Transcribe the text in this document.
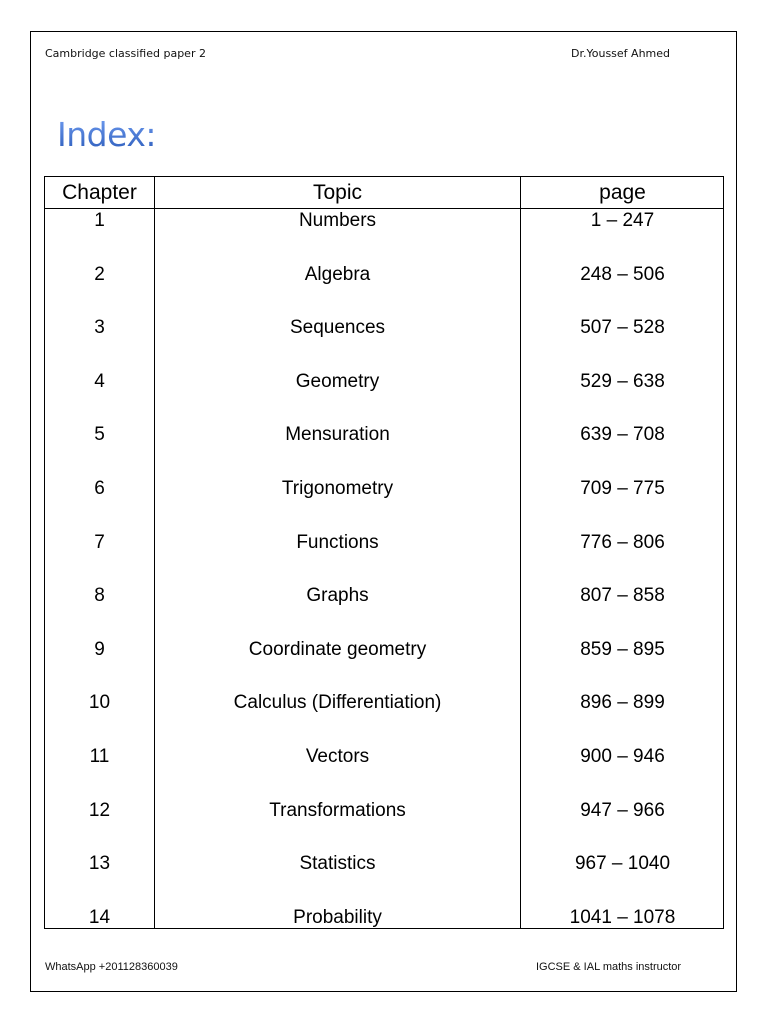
Cambridge classified paper 2	Dr.Youssef Ahmed
Index:
Chapter	Topic	page
1	Numbers	1 – 247
2	Algebra	248 – 506
3	Sequences	507 – 528
4	Geometry	529 – 638
5	Mensuration	639 – 708
6	Trigonometry	709 – 775
7	Functions	776 – 806
8	Graphs	807 – 858
9	Coordinate geometry	859 – 895
10	Calculus (Differentiation)	896 – 899
11	Vectors	900 – 946
12	Transformations	947 – 966
13	Statistics	967 – 1040
14	Probability	1041 – 1078
WhatsApp +201128360039	IGCSE & IAL maths instructor
